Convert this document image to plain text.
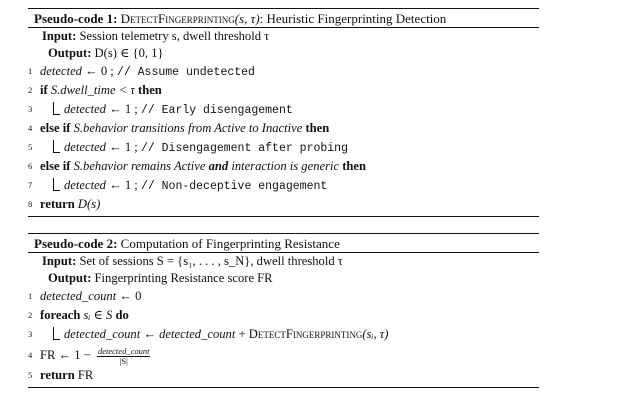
Pseudo-code 1: DetectFingerprinting(s, τ): Heuristic Fingerprinting Detection
Input: Session telemetry s, dwell threshold τ
Output: D(s) ∈ {0, 1}
1 detected ← 0 ; // Assume undetected
2 if S.dwell_time < τ then
3	detected ← 1 ; // Early disengagement
4 else if S.behavior transitions from Active to Inactive then
5	detected ← 1 ; // Disengagement after probing
6 else if S.behavior remains Active and interaction is generic then
7	detected ← 1 ; // Non-deceptive engagement
8 return D(s)
Pseudo-code 2: Computation of Fingerprinting Resistance
Input: Set of sessions S = {s₁, . . . , s_N}, dwell threshold τ
Output: Fingerprinting Resistance score FR
1 detected_count ← 0
2 foreach sᵢ ∈ S do
3	detected_count ← detected_count + DetectFingerprinting(sᵢ, τ)
4 FR ← $1 - \frac{\text{detected\_count}}{|S|}$
5 return FR
